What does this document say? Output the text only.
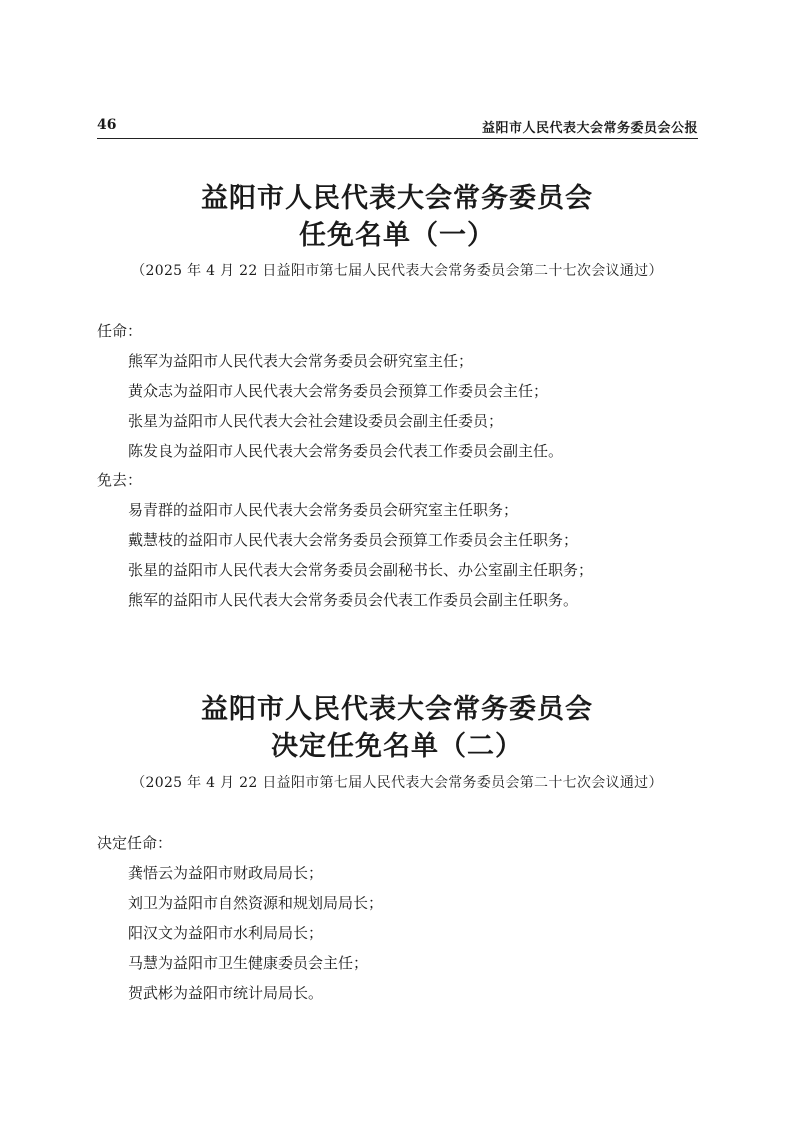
46	益阳市人民代表大会常务委员会公报
益阳市人民代表大会常务委员会
任免名单（一）
（2025 年 4 月 22 日益阳市第七届人民代表大会常务委员会第二十七次会议通过）
任命：
熊军为益阳市人民代表大会常务委员会研究室主任；
黄众志为益阳市人民代表大会常务委员会预算工作委员会主任；
张星为益阳市人民代表大会社会建设委员会副主任委员；
陈发良为益阳市人民代表大会常务委员会代表工作委员会副主任。
免去：
易青群的益阳市人民代表大会常务委员会研究室主任职务；
戴慧枝的益阳市人民代表大会常务委员会预算工作委员会主任职务；
张星的益阳市人民代表大会常务委员会副秘书长、办公室副主任职务；
熊军的益阳市人民代表大会常务委员会代表工作委员会副主任职务。
益阳市人民代表大会常务委员会
决定任免名单（二）
（2025 年 4 月 22 日益阳市第七届人民代表大会常务委员会第二十七次会议通过）
决定任命：
龚悟云为益阳市财政局局长；
刘卫为益阳市自然资源和规划局局长；
阳汉文为益阳市水利局局长；
马慧为益阳市卫生健康委员会主任；
贺武彬为益阳市统计局局长。
